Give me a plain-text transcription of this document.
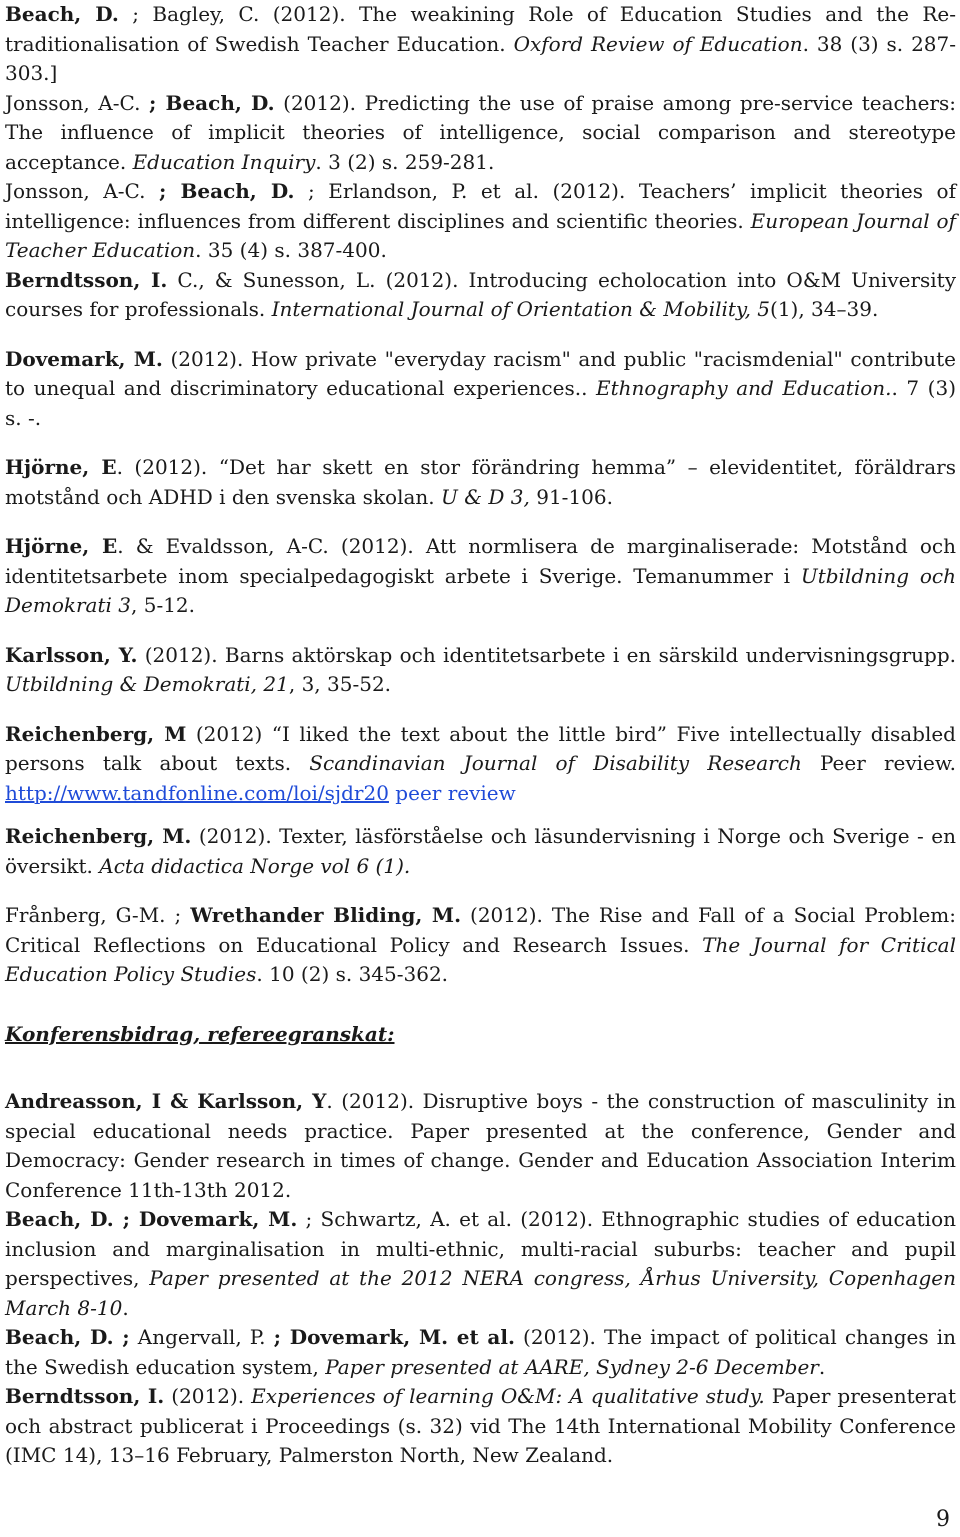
Beach, D. ; Bagley, C. (2012). The weakining Role of Education Studies and the Re-traditionalisation of Swedish Teacher Education. Oxford Review of Education. 38 (3) s. 287-303.]

Jonsson, A-C. ; Beach, D. (2012). Predicting the use of praise among pre-service teachers: The influence of implicit theories of intelligence, social comparison and stereotype acceptance. Education Inquiry. 3 (2) s. 259-281.

Jonsson, A-C. ; Beach, D. ; Erlandson, P. et al. (2012). Teachers’ implicit theories of intelligence: influences from different disciplines and scientific theories. European Journal of Teacher Education. 35 (4) s. 387-400.

Berndtsson, I. C., & Sunesson, L. (2012). Introducing echolocation into O&M University courses for professionals. International Journal of Orientation & Mobility, 5(1), 34–39.

Dovemark, M. (2012). How private "everyday racism" and public "racismdenial" contribute to unequal and discriminatory educational experiences.. Ethnography and Education.. 7 (3) s. -.

Hjörne, E. (2012). “Det har skett en stor förändring hemma” – elevidentitet, föräldrars motstånd och ADHD i den svenska skolan. U & D 3, 91-106.

Hjörne, E. & Evaldsson, A-C. (2012). Att normlisera de marginaliserade: Motstånd och identitetsarbete inom specialpedagogiskt arbete i Sverige. Temanummer i Utbildning och Demokrati 3, 5-12.

Karlsson, Y. (2012). Barns aktörskap och identitetsarbete i en särskild undervisningsgrupp. Utbildning & Demokrati, 21, 3, 35-52.

Reichenberg, M (2012) “I liked the text about the little bird” Five intellectually disabled persons talk about texts. Scandinavian Journal of Disability Research Peer review. http://www.tandfonline.com/loi/sjdr20 peer review

Reichenberg, M. (2012). Texter, läsförståelse och läsundervisning i Norge och Sverige - en översikt. Acta didactica Norge vol 6 (1).

Frånberg, G-M. ; Wrethander Bliding, M. (2012). The Rise and Fall of a Social Problem: Critical Reflections on Educational Policy and Research Issues. The Journal for Critical Education Policy Studies. 10 (2) s. 345-362.

Konferensbidrag, refereegranskat:

Andreasson, I & Karlsson, Y. (2012). Disruptive boys - the construction of masculinity in special educational needs practice. Paper presented at the conference, Gender and Democracy: Gender research in times of change. Gender and Education Association Interim Conference 11th-13th 2012.

Beach, D. ; Dovemark, M. ; Schwartz, A. et al. (2012). Ethnographic studies of education inclusion and marginalisation in multi-ethnic, multi-racial suburbs: teacher and pupil perspectives, Paper presented at the 2012 NERA congress, Århus University, Copenhagen March 8-10.

Beach, D. ; Angervall, P. ; Dovemark, M. et al. (2012). The impact of political changes in the Swedish education system, Paper presented at AARE, Sydney 2-6 December.

Berndtsson, I. (2012). Experiences of learning O&M: A qualitative study. Paper presenterat och abstract publicerat i Proceedings (s. 32) vid The 14th International Mobility Conference (IMC 14), 13–16 February, Palmerston North, New Zealand.

9
